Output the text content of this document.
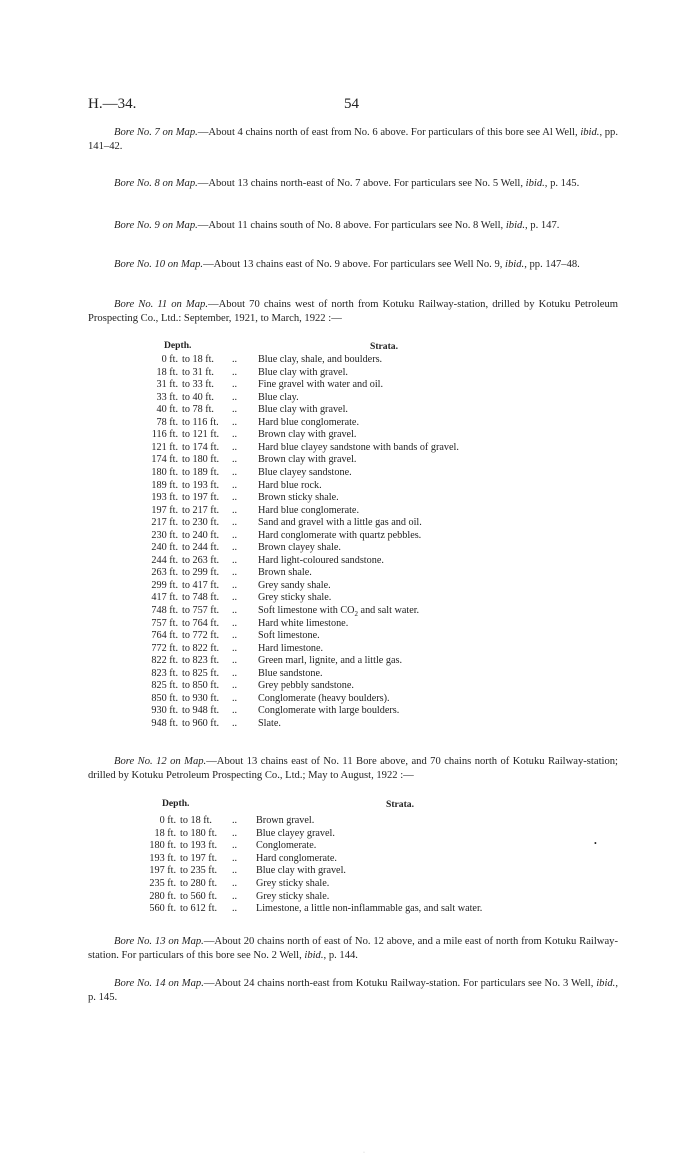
H.—34.	54

Bore No. 7 on Map.—About 4 chains north of east from No. 6 above. For particulars of this bore see Al Well, ibid., pp. 141–42.

Bore No. 8 on Map.—About 13 chains north-east of No. 7 above. For particulars see No. 5 Well, ibid., p. 145.

Bore No. 9 on Map.—About 11 chains south of No. 8 above. For particulars see No. 8 Well, ibid., p. 147.

Bore No. 10 on Map.—About 13 chains east of No. 9 above. For particulars see Well No. 9, ibid., pp. 147–48.

Bore No. 11 on Map.—About 70 chains west of north from Kotuku Railway-station, drilled by Kotuku Petroleum Prospecting Co., Ltd.: September, 1921, to March, 1922 :—

Depth.	Strata.
0 ft. to 18 ft. .. Blue clay, shale, and boulders.
18 ft. to 31 ft. .. Blue clay with gravel.
31 ft. to 33 ft. .. Fine gravel with water and oil.
33 ft. to 40 ft. .. Blue clay.
40 ft. to 78 ft. .. Blue clay with gravel.
78 ft. to 116 ft. .. Hard blue conglomerate.
116 ft. to 121 ft. .. Brown clay with gravel.
121 ft. to 174 ft. .. Hard blue clayey sandstone with bands of gravel.
174 ft. to 180 ft. .. Brown clay with gravel.
180 ft. to 189 ft. .. Blue clayey sandstone.
189 ft. to 193 ft. .. Hard blue rock.
193 ft. to 197 ft. .. Brown sticky shale.
197 ft. to 217 ft. .. Hard blue conglomerate.
217 ft. to 230 ft. .. Sand and gravel with a little gas and oil.
230 ft. to 240 ft. .. Hard conglomerate with quartz pebbles.
240 ft. to 244 ft. .. Brown clayey shale.
244 ft. to 263 ft. .. Hard light-coloured sandstone.
263 ft. to 299 ft. .. Brown shale.
299 ft. to 417 ft. .. Grey sandy shale.
417 ft. to 748 ft. .. Grey sticky shale.
748 ft. to 757 ft. .. Soft limestone with $CO_2$ and salt water.
757 ft. to 764 ft. .. Hard white limestone.
764 ft. to 772 ft. .. Soft limestone.
772 ft. to 822 ft. .. Hard limestone.
822 ft. to 823 ft. .. Green marl, lignite, and a little gas.
823 ft. to 825 ft. .. Blue sandstone.
825 ft. to 850 ft. .. Grey pebbly sandstone.
850 ft. to 930 ft. .. Conglomerate (heavy boulders).
930 ft. to 948 ft. .. Conglomerate with large boulders.
948 ft. to 960 ft. .. Slate.

Bore No. 12 on Map.—About 13 chains east of No. 11 Bore above, and 70 chains north of Kotuku Railway-station; drilled by Kotuku Petroleum Prospecting Co., Ltd.; May to August, 1922 :—

Depth.	Strata.
0 ft. to 18 ft. .. Brown gravel.
18 ft. to 180 ft. .. Blue clayey gravel.
180 ft. to 193 ft. .. Conglomerate.
193 ft. to 197 ft. .. Hard conglomerate.
197 ft. to 235 ft. .. Blue clay with gravel.
235 ft. to 280 ft. .. Grey sticky shale.
280 ft. to 560 ft. .. Grey sticky shale.
560 ft. to 612 ft. .. Limestone, a little non-inflammable gas, and salt water.

Bore No. 13 on Map.—About 20 chains north of east of No. 12 above, and a mile east of north from Kotuku Railway-station. For particulars of this bore see No. 2 Well, ibid., p. 144.

Bore No. 14 on Map.—About 24 chains north-east from Kotuku Railway-station. For particulars see No. 3 Well, ibid., p. 145.

•
·
